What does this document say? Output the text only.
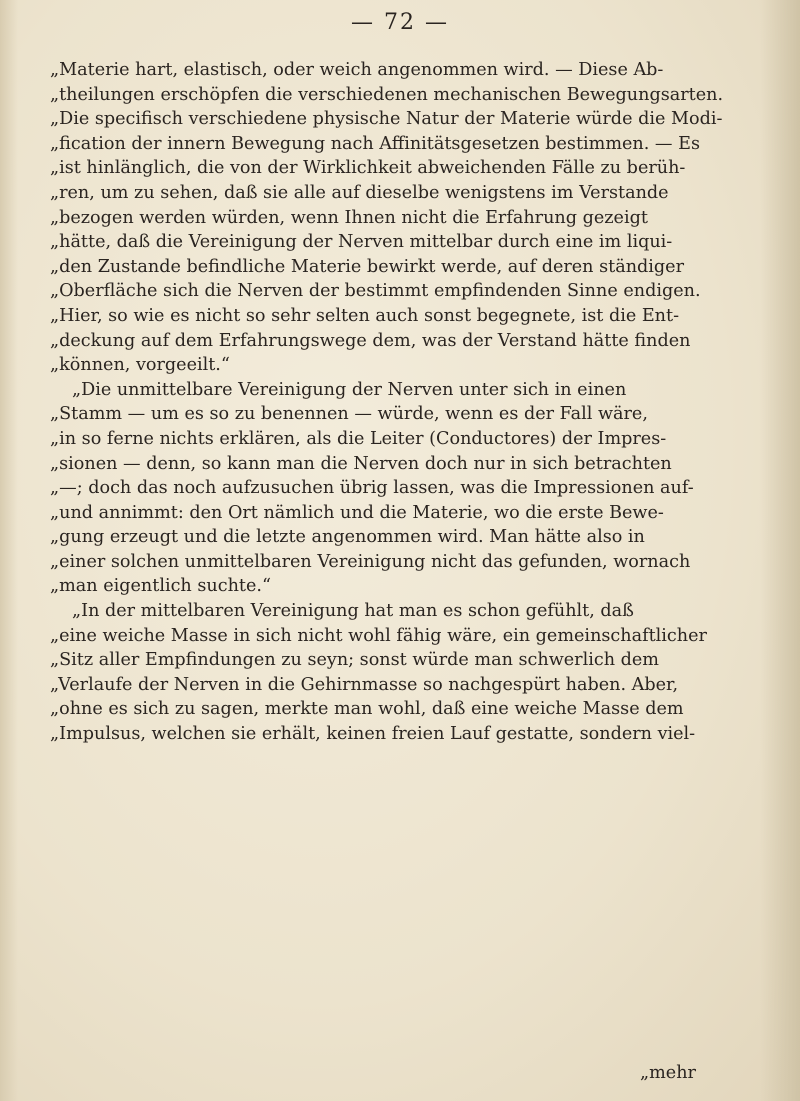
— 72 —
„Materie hart, elastisch, oder weich angenommen wird. — Diese Ab-
„theilungen erschöpfen die verschiedenen mechanischen Bewegungsarten.
„Die specifisch verschiedene physische Natur der Materie würde die Modi-
„fication der innern Bewegung nach Affinitätsgesetzen bestimmen. — Es
„ist hinlänglich, die von der Wirklichkeit abweichenden Fälle zu berüh-
„ren, um zu sehen, daß sie alle auf dieselbe wenigstens im Verstande
„bezogen werden würden, wenn Ihnen nicht die Erfahrung gezeigt
„hätte, daß die Vereinigung der Nerven mittelbar durch eine im liqui-
„den Zustande befindliche Materie bewirkt werde, auf deren ständiger
„Oberfläche sich die Nerven der bestimmt empfindenden Sinne endigen.
„Hier, so wie es nicht so sehr selten auch sonst begegnete, ist die Ent-
„deckung auf dem Erfahrungswege dem, was der Verstand hätte finden
„können, vorgeeilt.“
„Die unmittelbare Vereinigung der Nerven unter sich in einen
„Stamm — um es so zu benennen — würde, wenn es der Fall wäre,
„in so ferne nichts erklären, als die Leiter (Conductores) der Impres-
„sionen — denn, so kann man die Nerven doch nur in sich betrachten
„—; doch das noch aufzusuchen übrig lassen, was die Impressionen auf-
„und annimmt: den Ort nämlich und die Materie, wo die erste Bewe-
„gung erzeugt und die letzte angenommen wird. Man hätte also in
„einer solchen unmittelbaren Vereinigung nicht das gefunden, wornach
„man eigentlich suchte.“
„In der mittelbaren Vereinigung hat man es schon gefühlt, daß
„eine weiche Masse in sich nicht wohl fähig wäre, ein gemeinschaftlicher
„Sitz aller Empfindungen zu seyn; sonst würde man schwerlich dem
„Verlaufe der Nerven in die Gehirnmasse so nachgespürt haben. Aber,
„ohne es sich zu sagen, merkte man wohl, daß eine weiche Masse dem
„Impulsus, welchen sie erhält, keinen freien Lauf gestatte, sondern viel-
„mehr
